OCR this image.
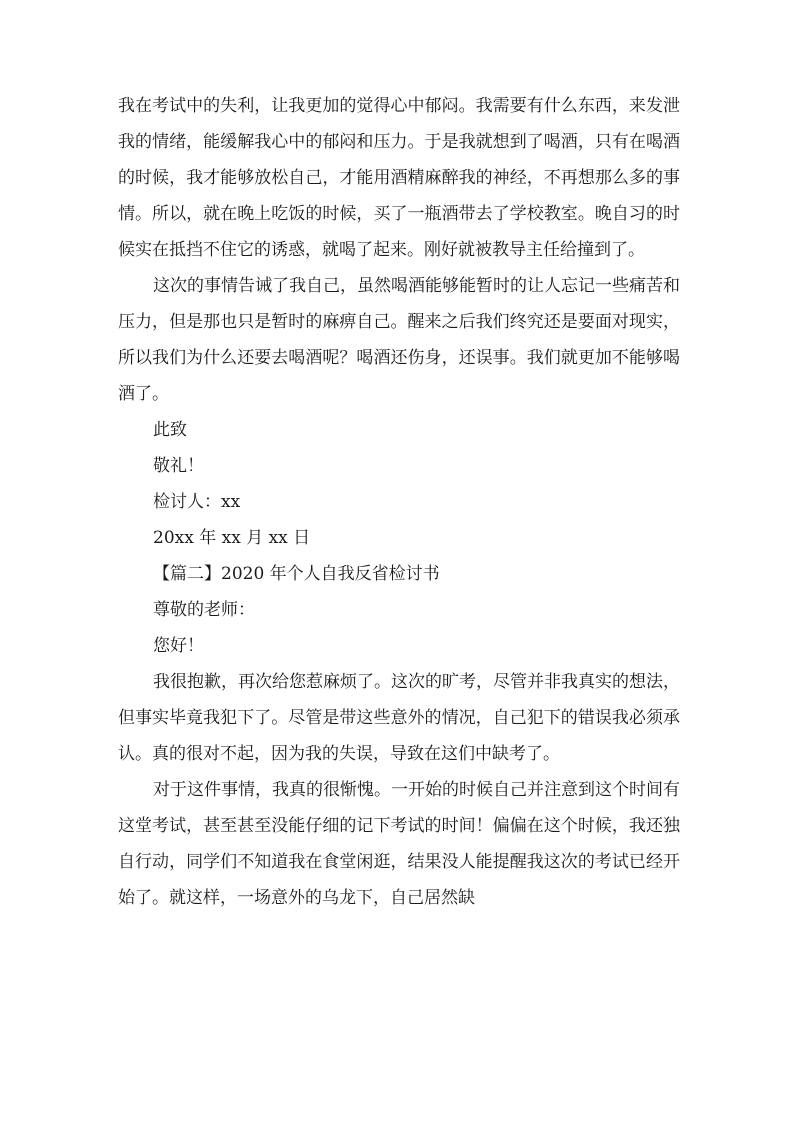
我在考试中的失利，让我更加的觉得心中郁闷。我需要有什么东西，来发泄我的情绪，能缓解我心中的郁闷和压力。于是我就想到了喝酒，只有在喝酒的时候，我才能够放松自己，才能用酒精麻醉我的神经，不再想那么多的事情。所以，就在晚上吃饭的时候，买了一瓶酒带去了学校教室。晚自习的时候实在抵挡不住它的诱惑，就喝了起来。刚好就被教导主任给撞到了。

这次的事情告诫了我自己，虽然喝酒能够能暂时的让人忘记一些痛苦和压力，但是那也只是暂时的麻痹自己。醒来之后我们终究还是要面对现实，所以我们为什么还要去喝酒呢？喝酒还伤身，还误事。我们就更加不能够喝酒了。

此致

敬礼！

检讨人：xx

20xx 年 xx 月 xx 日

【篇二】2020 年个人自我反省检讨书

尊敬的老师：

您好！

我很抱歉，再次给您惹麻烦了。这次的旷考，尽管并非我真实的想法，但事实毕竟我犯下了。尽管是带这些意外的情况，自己犯下的错误我必须承认。真的很对不起，因为我的失误，导致在这们中缺考了。

对于这件事情，我真的很惭愧。一开始的时候自己并注意到这个时间有这堂考试，甚至甚至没能仔细的记下考试的时间！偏偏在这个时候，我还独自行动，同学们不知道我在食堂闲逛，结果没人能提醒我这次的考试已经开始了。就这样，一场意外的乌龙下，自己居然缺
